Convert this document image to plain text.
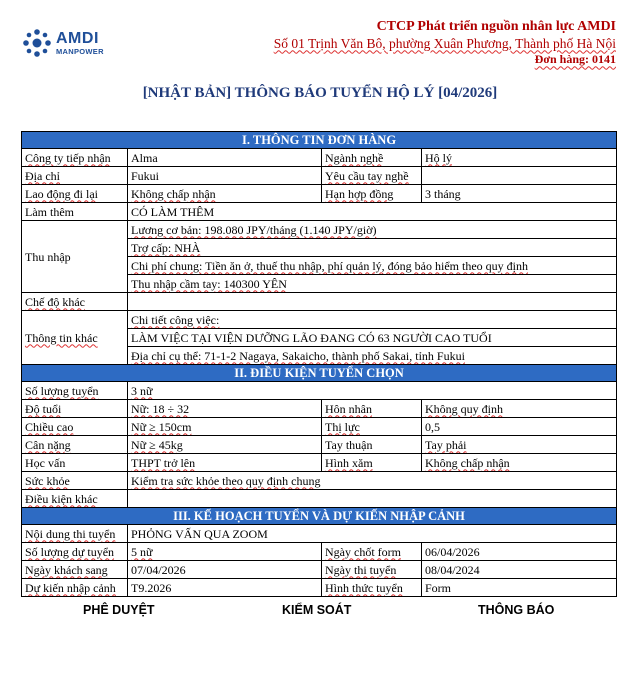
AMDI
MANPOWER
CTCP Phát triển nguồn nhân lực AMDI
Số 01 Trịnh Văn Bô, phường Xuân Phương, Thành phố Hà Nội
Đơn hàng: 0141
[NHẬT BẢN] THÔNG BÁO TUYỂN HỘ LÝ [04/2026]
I. THÔNG TIN ĐƠN HÀNG			
Công ty tiếp nhận	Alma	Ngành nghề	Hộ lý
Địa chỉ	Fukui	Yêu cầu tay nghề	
Lao động đi lại	Không chấp nhận	Hạn hợp đồng	3 tháng
Làm thêm	CÓ LÀM THÊM		
Thu nhập	Lương cơ bản: 198.080 JPY/tháng (1.140 JPY/giờ)		
	Trợ cấp: NHÀ		
	Chi phí chung: Tiền ăn ở, thuế thu nhập, phí quản lý, đóng bảo hiểm theo quy định		
	Thu nhập cầm tay: 140300 YÊN		
Chế độ khác			
Thông tin khác	Chi tiết công việc:		
	LÀM VIỆC TẠI VIỆN DƯỠNG LÃO ĐANG CÓ 63 NGƯỜI CAO TUỔI		
	Địa chỉ cụ thể: 71-1-2 Nagaya, Sakaicho, thành phố Sakai, tỉnh Fukui		
II. ĐIỀU KIỆN TUYỂN CHỌN			
Số lượng tuyển	3 nữ		
Độ tuổi	Nữ: 18 ÷ 32	Hôn nhân	Không quy định
Chiều cao	Nữ ≥ 150cm	Thị lực	0,5
Cân nặng	Nữ ≥ 45kg	Tay thuận	Tay phải
Học vấn	THPT trở lên	Hình xăm	Không chấp nhận
Sức khỏe	Kiểm tra sức khỏe theo quy định chung		
Điều kiện khác			
III. KẾ HOẠCH TUYỂN VÀ DỰ KIẾN NHẬP CẢNH			
Nội dung thi tuyển	PHỎNG VẤN QUA ZOOM		
Số lượng dự tuyển	5 nữ	Ngày chốt form	06/04/2026
Ngày khách sang	07/04/2026	Ngày thi tuyển	08/04/2024
Dự kiến nhập cảnh	T9.2026	Hình thức tuyển	Form
PHÊ DUYỆT	KIỂM SOÁT	THÔNG BÁO
